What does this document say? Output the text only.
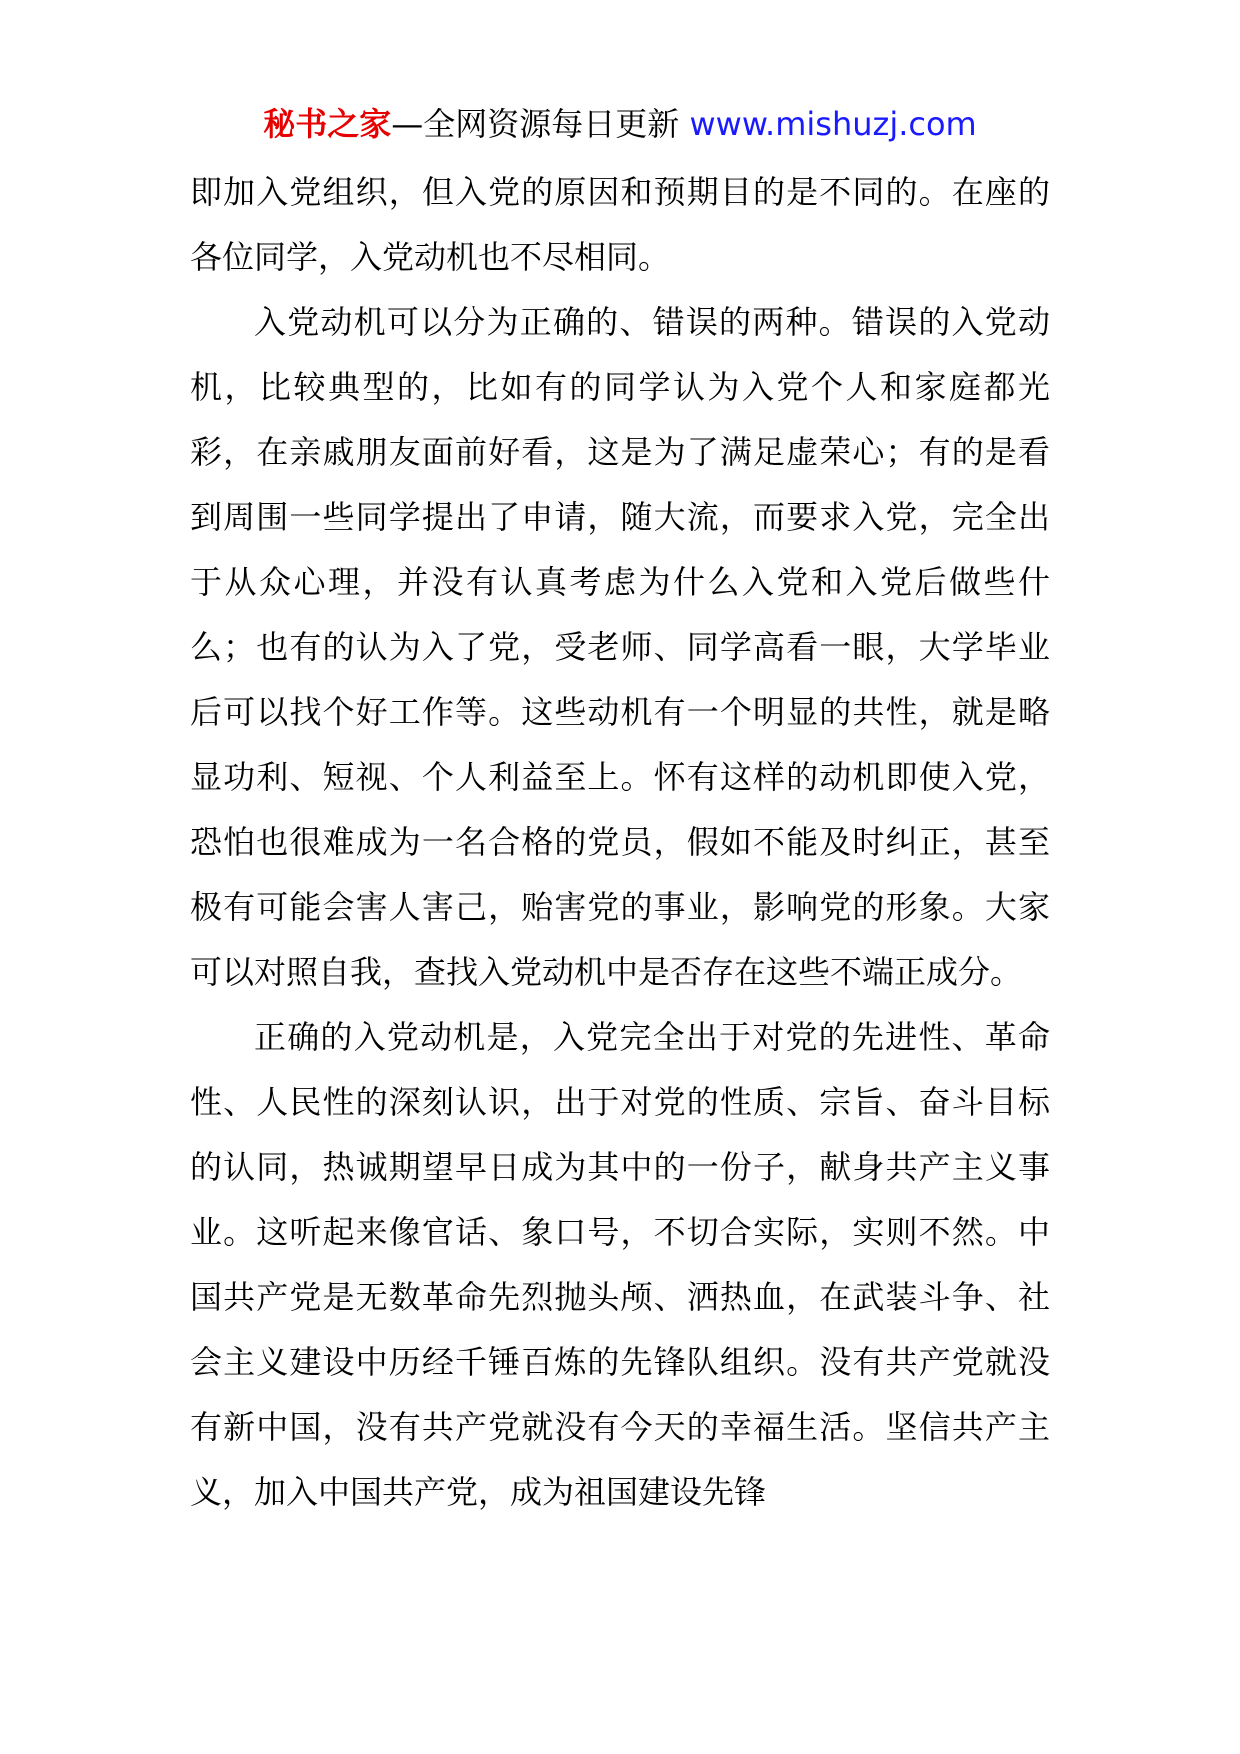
秘书之家—全网资源每日更新 www.mishuzj.com

即加入党组织，但入党的原因和预期目的是不同的。在座的各位同学，入党动机也不尽相同。

入党动机可以分为正确的、错误的两种。错误的入党动机，比较典型的，比如有的同学认为入党个人和家庭都光彩，在亲戚朋友面前好看，这是为了满足虚荣心；有的是看到周围一些同学提出了申请，随大流，而要求入党，完全出于从众心理，并没有认真考虑为什么入党和入党后做些什么；也有的认为入了党，受老师、同学高看一眼，大学毕业后可以找个好工作等。这些动机有一个明显的共性，就是略显功利、短视、个人利益至上。怀有这样的动机即使入党，恐怕也很难成为一名合格的党员，假如不能及时纠正，甚至极有可能会害人害己，贻害党的事业，影响党的形象。大家可以对照自我，查找入党动机中是否存在这些不端正成分。

正确的入党动机是，入党完全出于对党的先进性、革命性、人民性的深刻认识，出于对党的性质、宗旨、奋斗目标的认同，热诚期望早日成为其中的一份子，献身共产主义事业。这听起来像官话、象口号，不切合实际，实则不然。中国共产党是无数革命先烈抛头颅、洒热血，在武装斗争、社会主义建设中历经千锤百炼的先锋队组织。没有共产党就没有新中国，没有共产党就没有今天的幸福生活。坚信共产主义，加入中国共产党，成为祖国建设先锋
